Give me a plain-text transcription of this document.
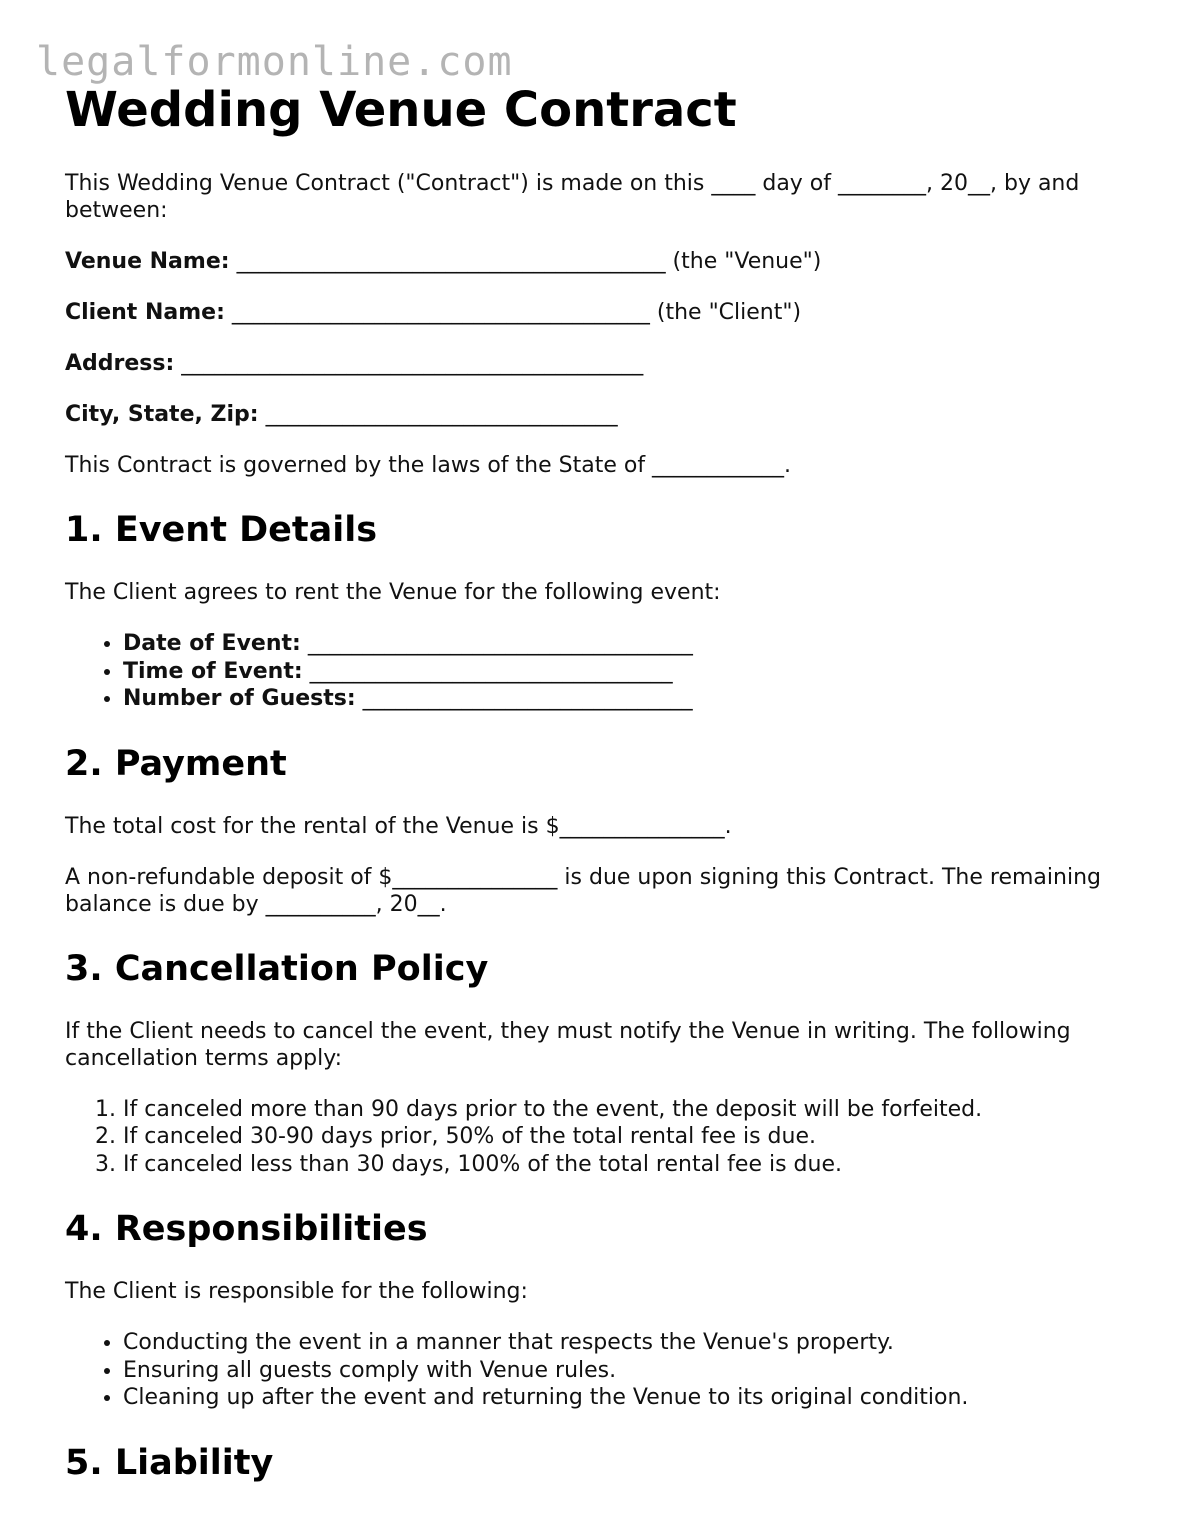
legalformonline.com
Wedding Venue Contract

This Wedding Venue Contract ("Contract") is made on this ____ day of ________, 20__, by and between:

Venue Name: _______________________________________ (the "Venue")

Client Name: ______________________________________ (the "Client")

Address: __________________________________________

City, State, Zip: ________________________________

This Contract is governed by the laws of the State of ____________.

1. Event Details

The Client agrees to rent the Venue for the following event:

• Date of Event: ___________________________________
• Time of Event: _________________________________
• Number of Guests: ______________________________
2. Payment

The total cost for the rental of the Venue is $_______________.

A non-refundable deposit of $_______________ is due upon signing this Contract. The remaining balance is due by __________, 20__.

3. Cancellation Policy

If the Client needs to cancel the event, they must notify the Venue in writing. The following cancellation terms apply:

1. If canceled more than 90 days prior to the event, the deposit will be forfeited.
2. If canceled 30-90 days prior, 50% of the total rental fee is due.
3. If canceled less than 30 days, 100% of the total rental fee is due.
4. Responsibilities

The Client is responsible for the following:

• Conducting the event in a manner that respects the Venue's property.
• Ensuring all guests comply with Venue rules.
• Cleaning up after the event and returning the Venue to its original condition.
5. Liability
